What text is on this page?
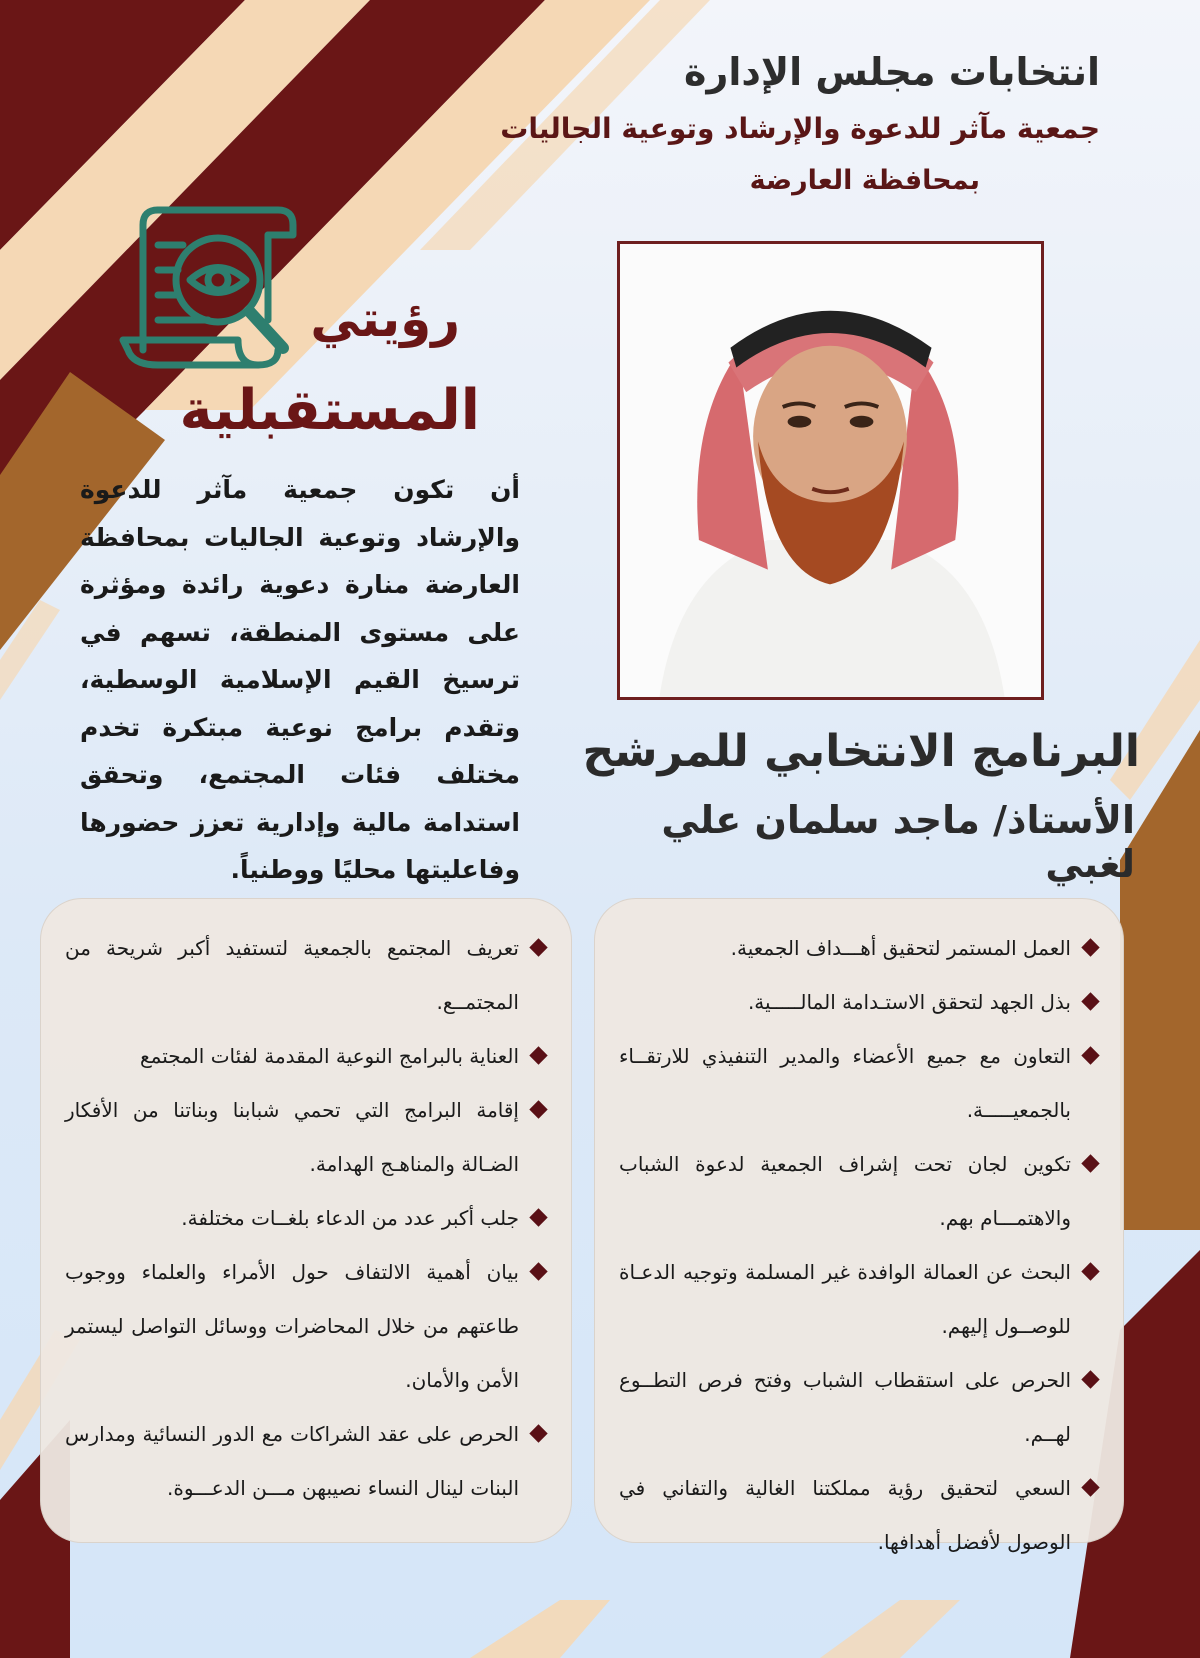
انتخابات مجلس الإدارة
جمعية مآثر للدعوة والإرشاد وتوعية الجاليات
بمحافظة العارضة
رؤيتي
المستقبلية
أن تكون جمعية مآثر للدعوة والإرشاد وتوعية الجاليات بمحافظة العارضة منارة دعوية رائدة ومؤثرة على مستوى المنطقة، تسهم في ترسيخ القيم الإسلامية الوسطية، وتقدم برامج نوعية مبتكرة تخدم مختلف فئات المجتمع، وتحقق استدامة مالية وإدارية تعزز حضورها وفاعليتها محليًا ووطنياً.
البرنامج الانتخابي للمرشح
الأستاذ/ ماجد سلمان علي لغبي
العمل المستمر لتحقيق أهـــداف الجمعية.
بذل الجهد لتحقق الاستـدامة المالـــــية.
التعاون مع جميع الأعضاء والمدير التنفيذي للارتقــاء بالجمعيـــــة.
تكوين لجان تحت إشراف الجمعية لدعوة الشباب والاهتمـــام بهم.
البحث عن العمالة الوافدة غير المسلمة وتوجيه الدعـاة للوصــول إليهم.
الحرص على استقطاب الشباب وفتح فرص التطــوع لهــم.
السعي لتحقيق رؤية مملكتنا الغالية والتفاني في الوصول لأفضل أهدافها.
تعريف المجتمع بالجمعية لتستفيد أكبر شريحة من المجتمــع.
العناية بالبرامج النوعية المقدمة لفئات المجتمع
إقامة البرامج التي تحمي شبابنا وبناتنا من الأفكار الضـالة والمناهـج الهدامة.
جلب أكبر عدد من الدعاء بلغــات مختلفة.
بيان أهمية الالتفاف حول الأمراء والعلماء ووجوب طاعتهم من خلال المحاضرات ووسائل التواصل ليستمر الأمن والأمان.
الحرص على عقد الشراكات مع الدور النسائية ومدارس البنات لينال النساء نصيبهن مـــن الدعـــوة.
